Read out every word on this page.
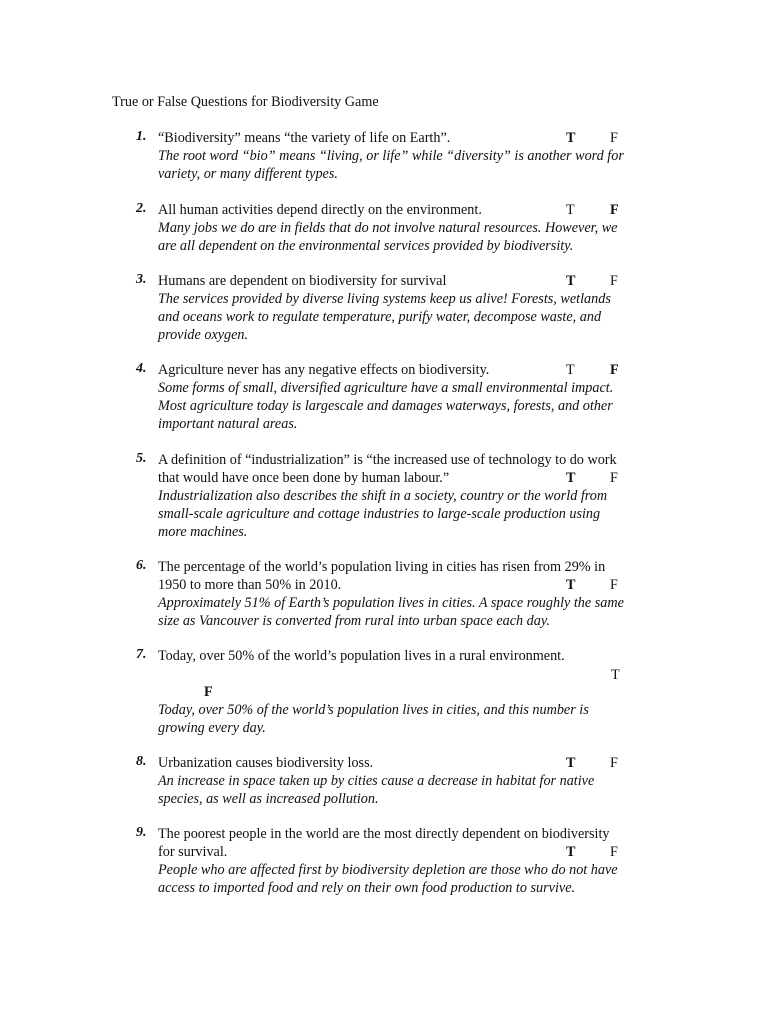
True or False Questions for Biodiversity Game
1. “Biodiversity” means “the variety of life on Earth”.	T F
The root word “bio” means “living, or life” while “diversity” is another word for
variety, or many different types.
2. All human activities depend directly on the environment.	T F
Many jobs we do are in fields that do not involve natural resources. However, we
are all dependent on the environmental services provided by biodiversity.
3. Humans are dependent on biodiversity for survival	T F
The services provided by diverse living systems keep us alive! Forests, wetlands
and oceans work to regulate temperature, purify water, decompose waste, and
provide oxygen.
4. Agriculture never has any negative effects on biodiversity.	T F
Some forms of small, diversified agriculture have a small environmental impact.
Most agriculture today is largescale and damages waterways, forests, and other
important natural areas.
5. A definition of “industrialization” is “the increased use of technology to do work
that would have once been done by human labour.”	T F
Industrialization also describes the shift in a society, country or the world from
small-scale agriculture and cottage industries to large-scale production using
more machines.
6. The percentage of the world’s population living in cities has risen from 29% in
1950 to more than 50% in 2010.	T F
Approximately 51% of Earth’s population lives in cities. A space roughly the same
size as Vancouver is converted from rural into urban space each day.
7. Today, over 50% of the world’s population lives in a rural environment.
T
F
Today, over 50% of the world’s population lives in cities, and this number is
growing every day.
8. Urbanization causes biodiversity loss.	T F
An increase in space taken up by cities cause a decrease in habitat for native
species, as well as increased pollution.
9. The poorest people in the world are the most directly dependent on biodiversity
for survival.	T F
People who are affected first by biodiversity depletion are those who do not have
access to imported food and rely on their own food production to survive.
